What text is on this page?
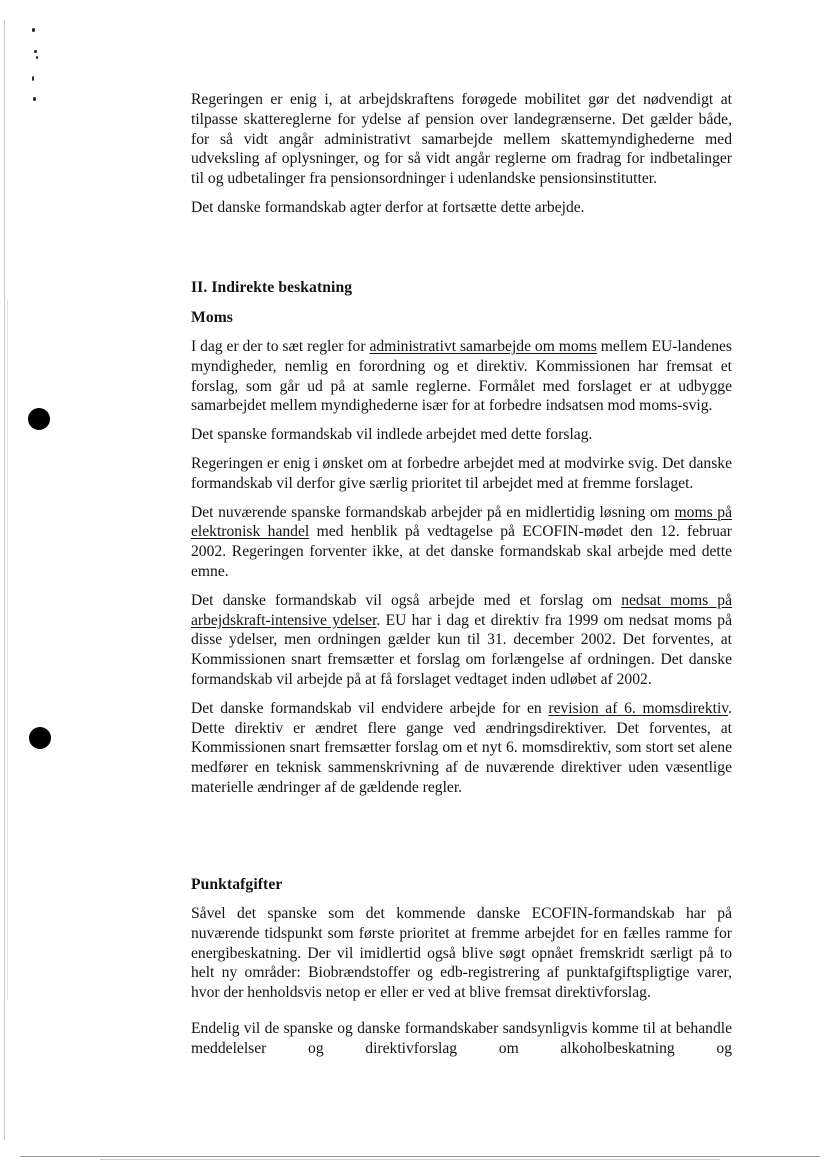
Regeringen er enig i, at arbejdskraftens forøgede mobilitet gør det nødvendigt at tilpasse skattereglerne for ydelse af pension over landegrænserne. Det gælder både, for så vidt angår administrativt samarbejde mellem skattemyndighederne med udveksling af oplysninger, og for så vidt angår reglerne om fradrag for indbetalinger til og udbetalinger fra pensionsordninger i udenlandske pensionsinstitutter.

Det danske formandskab agter derfor at fortsætte dette arbejde.

II. Indirekte beskatning
Moms

I dag er der to sæt regler for administrativt samarbejde om moms mellem EU-landenes myndigheder, nemlig en forordning og et direktiv. Kommissionen har fremsat et forslag, som går ud på at samle reglerne. Formålet med forslaget er at udbygge samarbejdet mellem myndighederne især for at forbedre indsatsen mod moms-svig.

Det spanske formandskab vil indlede arbejdet med dette forslag.

Regeringen er enig i ønsket om at forbedre arbejdet med at modvirke svig. Det danske formandskab vil derfor give særlig prioritet til arbejdet med at fremme forslaget.

Det nuværende spanske formandskab arbejder på en midlertidig løsning om moms på elektronisk handel med henblik på vedtagelse på ECOFIN-mødet den 12. februar 2002. Regeringen forventer ikke, at det danske formandskab skal arbejde med dette emne.

Det danske formandskab vil også arbejde med et forslag om nedsat moms på arbejdskraft-intensive ydelser. EU har i dag et direktiv fra 1999 om nedsat moms på disse ydelser, men ordningen gælder kun til 31. december 2002. Det forventes, at Kommissionen snart fremsætter et forslag om forlængelse af ordningen. Det danske formandskab vil arbejde på at få forslaget vedtaget inden udløbet af 2002.

Det danske formandskab vil endvidere arbejde for en revision af 6. momsdirektiv. Dette direktiv er ændret flere gange ved ændringsdirektiver. Det forventes, at Kommissionen snart fremsætter forslag om et nyt 6. momsdirektiv, som stort set alene medfører en teknisk sammenskrivning af de nuværende direktiver uden væsentlige materielle ændringer af de gældende regler.

Punktafgifter

Såvel det spanske som det kommende danske ECOFIN-formandskab har på nuværende tidspunkt som første prioritet at fremme arbejdet for en fælles ramme for energibeskatning. Der vil imidlertid også blive søgt opnået fremskridt særligt på to helt ny områder: Biobrændstoffer og edb-registrering af punktafgiftspligtige varer, hvor der henholdsvis netop er eller er ved at blive fremsat direktivforslag.

Endelig vil de spanske og danske formandskaber sandsynligvis komme til at behandle meddelelser og direktivforslag om alkoholbeskatning og
